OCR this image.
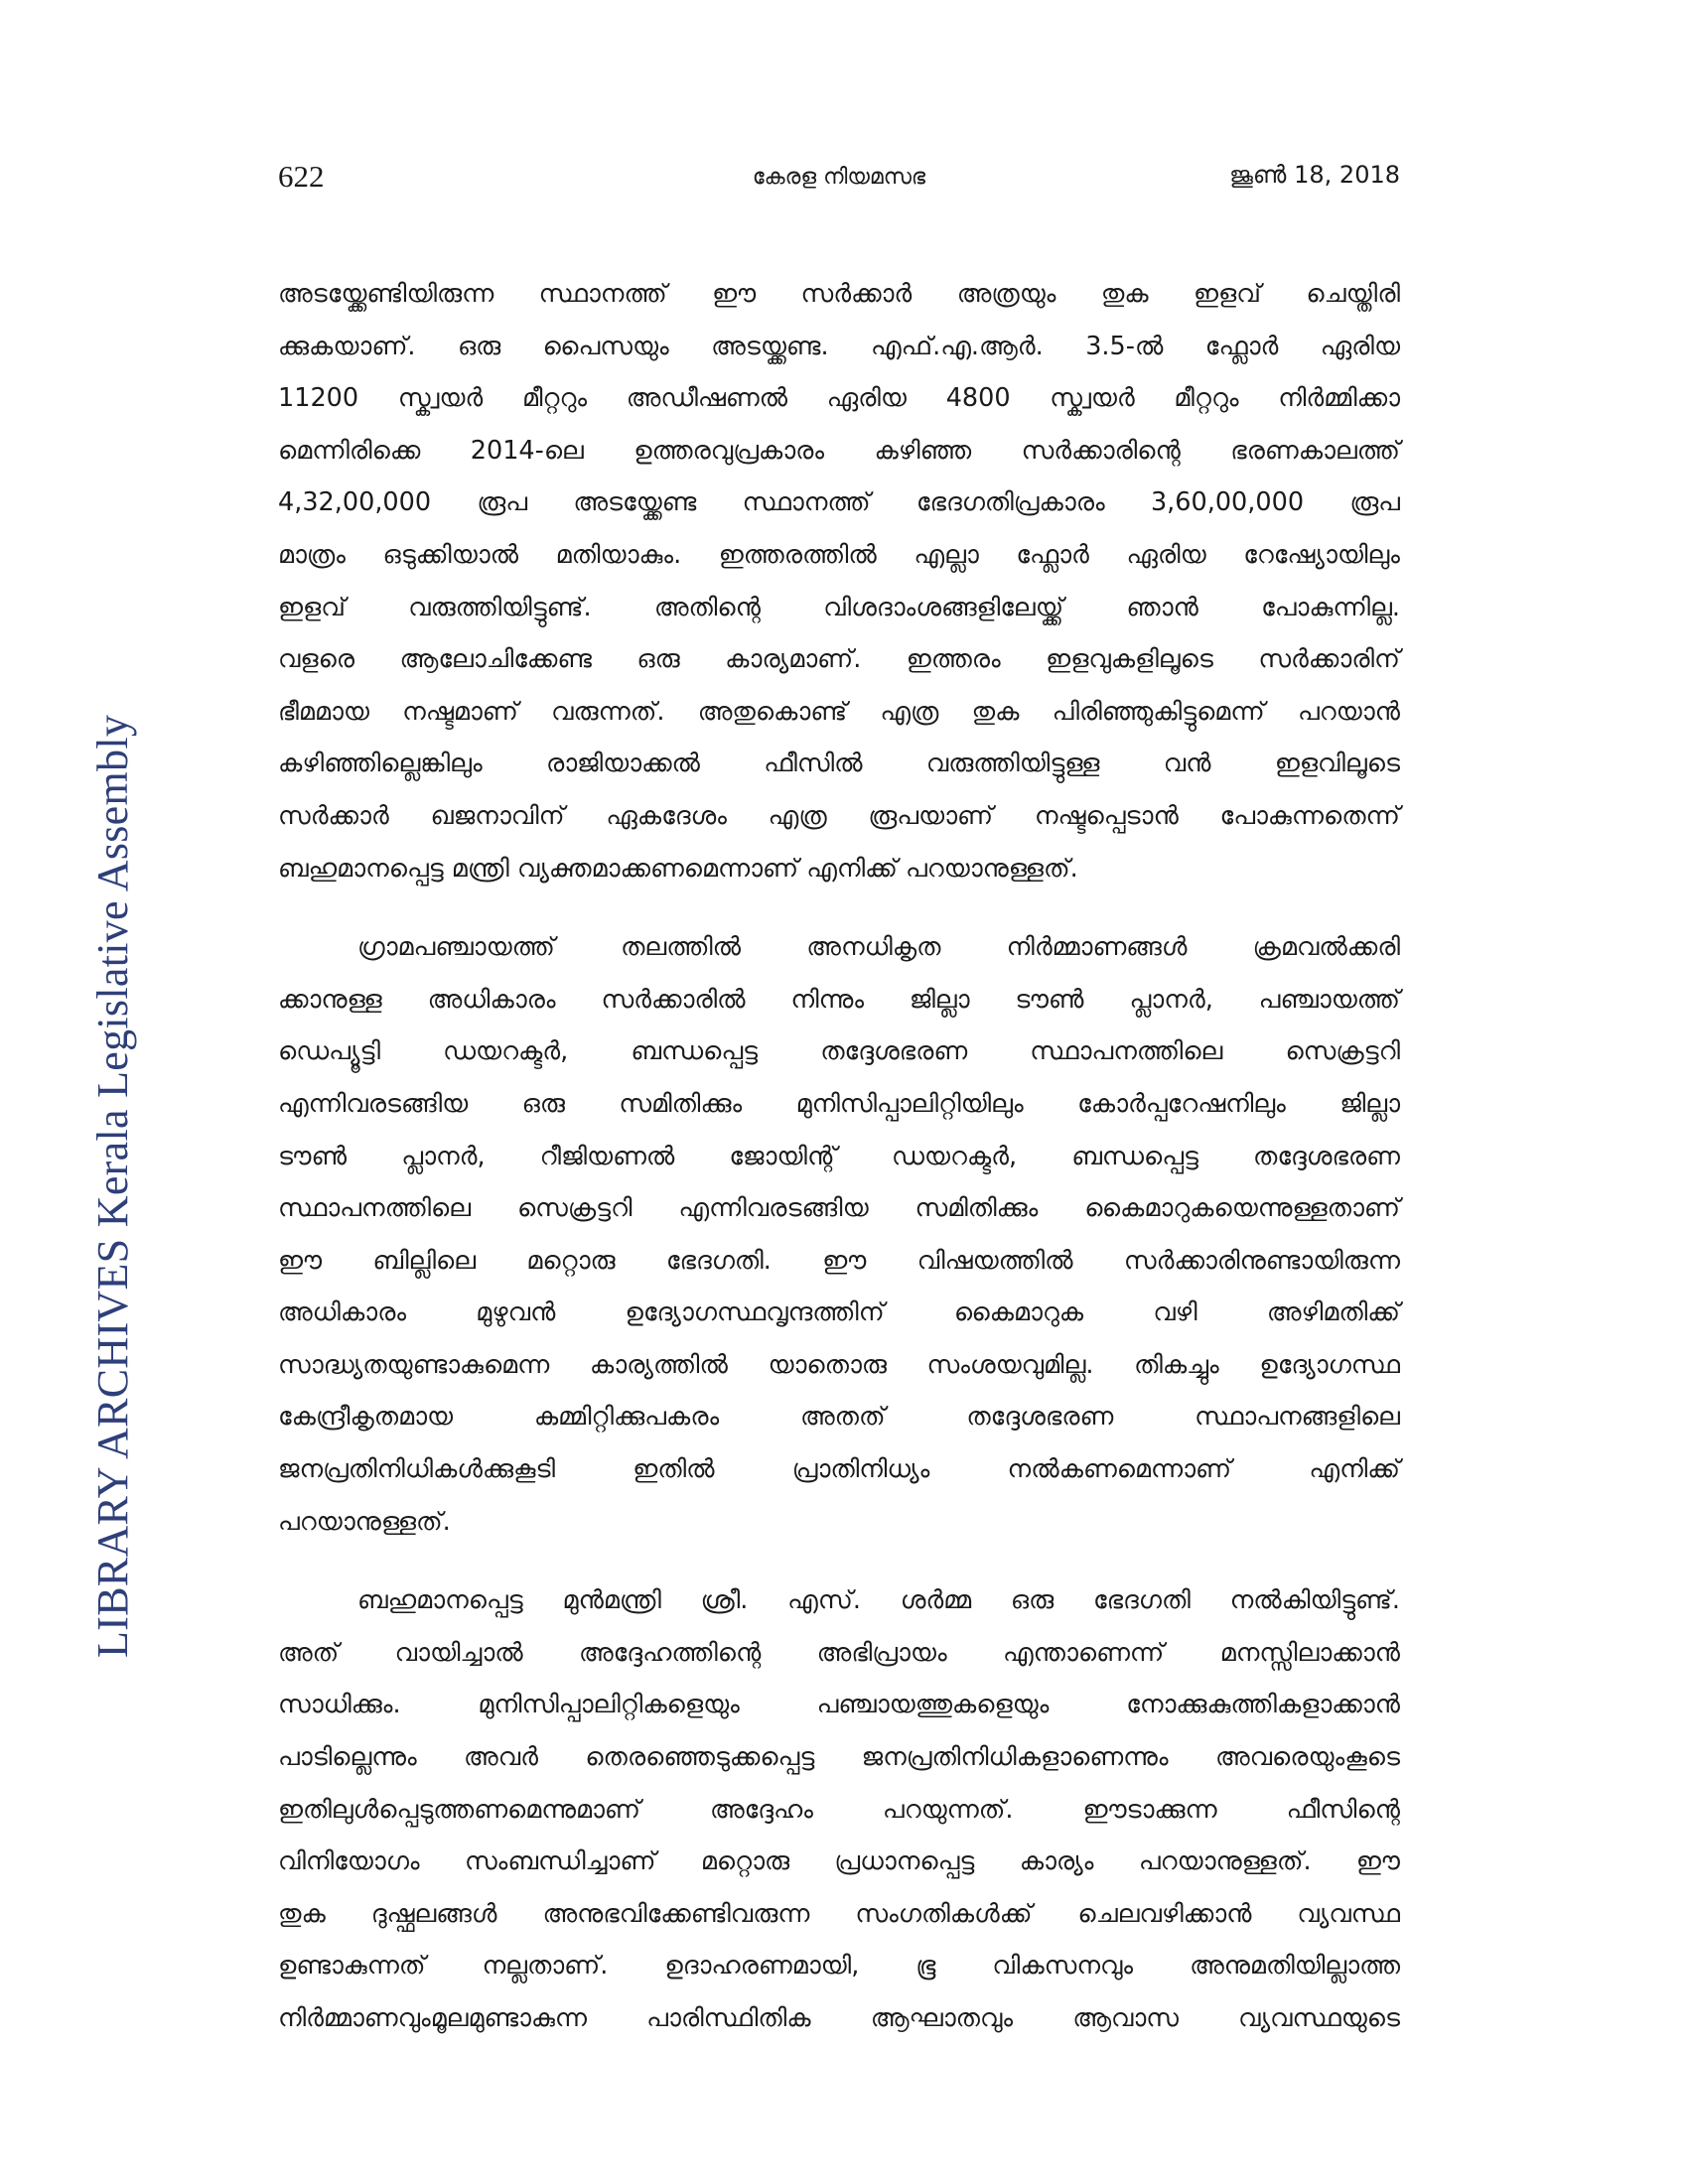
622	കേരള നിയമസഭ	ജൂൺ 18, 2018
LIBRARY ARCHIVES Kerala Legislative Assembly

അടയ്ക്കേണ്ടിയിരുന്ന സ്ഥാനത്ത് ഈ സർക്കാർ അത്രയും തുക ഇളവ് ചെയ്തിരി
ക്കുകയാണ്. ഒരു പൈസയും അടയ്ക്കണ്ട. എഫ്.എ.ആർ. 3.5-ൽ ഫ്ലോർ ഏരിയ
11200 സ്ക്വയർ മീറ്ററും അഡീഷണൽ ഏരിയ 4800 സ്ക്വയർ മീറ്ററും നിർമ്മിക്കാ
മെന്നിരിക്കെ 2014-ലെ ഉത്തരവുപ്രകാരം കഴിഞ്ഞ സർക്കാരിന്റെ ഭരണകാലത്ത്
4,32,00,000 രൂപ അടയ്ക്കേണ്ട സ്ഥാനത്ത് ഭേദഗതിപ്രകാരം 3,60,00,000 രൂപ
മാത്രം ഒടുക്കിയാൽ മതിയാകും. ഇത്തരത്തിൽ എല്ലാ ഫ്ലോർ ഏരിയ റേഷ്യോയിലും
ഇളവ് വരുത്തിയിട്ടുണ്ട്. അതിന്റെ വിശദാംശങ്ങളിലേയ്ക്ക് ഞാൻ പോകുന്നില്ല.
വളരെ ആലോചിക്കേണ്ട ഒരു കാര്യമാണ്. ഇത്തരം ഇളവുകളിലൂടെ സർക്കാരിന്
ഭീമമായ നഷ്ടമാണ് വരുന്നത്. അതുകൊണ്ട് എത്ര തുക പിരിഞ്ഞുകിട്ടുമെന്ന് പറയാൻ
കഴിഞ്ഞില്ലെങ്കിലും രാജിയാക്കൽ ഫീസിൽ വരുത്തിയിട്ടുള്ള വൻ ഇളവിലൂടെ
സർക്കാർ ഖജനാവിന് ഏകദേശം എത്ര രൂപയാണ് നഷ്ടപ്പെടാൻ പോകുന്നതെന്ന്
ബഹുമാനപ്പെട്ട മന്ത്രി വ്യക്തമാക്കണമെന്നാണ് എനിക്ക് പറയാനുള്ളത്.

ഗ്രാമപഞ്ചായത്ത് തലത്തിൽ അനധികൃത നിർമ്മാണങ്ങൾ ക്രമവൽക്കരി
ക്കാനുള്ള അധികാരം സർക്കാരിൽ നിന്നും ജില്ലാ ടൗൺ പ്ലാനർ, പഞ്ചായത്ത്
ഡെപ്യൂട്ടി ഡയറക്ടർ, ബന്ധപ്പെട്ട തദ്ദേശഭരണ സ്ഥാപനത്തിലെ സെക്രട്ടറി
എന്നിവരടങ്ങിയ ഒരു സമിതിക്കും മുനിസിപ്പാലിറ്റിയിലും കോർപ്പറേഷനിലും ജില്ലാ
ടൗൺ പ്ലാനർ, റീജിയണൽ ജോയിന്റ് ഡയറക്ടർ, ബന്ധപ്പെട്ട തദ്ദേശഭരണ
സ്ഥാപനത്തിലെ സെക്രട്ടറി എന്നിവരടങ്ങിയ സമിതിക്കും കൈമാറുകയെന്നുള്ളതാണ്
ഈ ബില്ലിലെ മറ്റൊരു ഭേദഗതി. ഈ വിഷയത്തിൽ സർക്കാരിനുണ്ടായിരുന്ന
അധികാരം മുഴുവൻ ഉദ്യോഗസ്ഥവൃന്ദത്തിന് കൈമാറുക വഴി അഴിമതിക്ക്
സാദ്ധ്യതയുണ്ടാകുമെന്ന കാര്യത്തിൽ യാതൊരു സംശയവുമില്ല. തികച്ചും ഉദ്യോഗസ്ഥ
കേന്ദ്രീകൃതമായ കമ്മിറ്റിക്കുപകരം അതത് തദ്ദേശഭരണ സ്ഥാപനങ്ങളിലെ
ജനപ്രതിനിധികൾക്കുകൂടി ഇതിൽ പ്രാതിനിധ്യം നൽകണമെന്നാണ് എനിക്ക്
പറയാനുള്ളത്.

ബഹുമാനപ്പെട്ട മുൻമന്ത്രി ശ്രീ. എസ്. ശർമ്മ ഒരു ഭേദഗതി നൽകിയിട്ടുണ്ട്.
അത് വായിച്ചാൽ അദ്ദേഹത്തിന്റെ അഭിപ്രായം എന്താണെന്ന് മനസ്സിലാക്കാൻ
സാധിക്കും. മുനിസിപ്പാലിറ്റികളെയും പഞ്ചായത്തുകളെയും നോക്കുകുത്തികളാക്കാൻ
പാടില്ലെന്നും അവർ തെരഞ്ഞെടുക്കപ്പെട്ട ജനപ്രതിനിധികളാണെന്നും അവരെയുംകൂടെ
ഇതിലുൾപ്പെടുത്തണമെന്നുമാണ് അദ്ദേഹം പറയുന്നത്. ഈടാക്കുന്ന ഫീസിന്റെ
വിനിയോഗം സംബന്ധിച്ചാണ് മറ്റൊരു പ്രധാനപ്പെട്ട കാര്യം പറയാനുള്ളത്. ഈ
തുക ദുഷ്ഫലങ്ങൾ അനുഭവിക്കേണ്ടിവരുന്ന സംഗതികൾക്ക് ചെലവഴിക്കാൻ വ്യവസ്ഥ
ഉണ്ടാകുന്നത് നല്ലതാണ്. ഉദാഹരണമായി, ഭൂ വികസനവും അനുമതിയില്ലാത്ത
നിർമ്മാണവുംമൂലമുണ്ടാകുന്ന പാരിസ്ഥിതിക ആഘാതവും ആവാസ വ്യവസ്ഥയുടെ
